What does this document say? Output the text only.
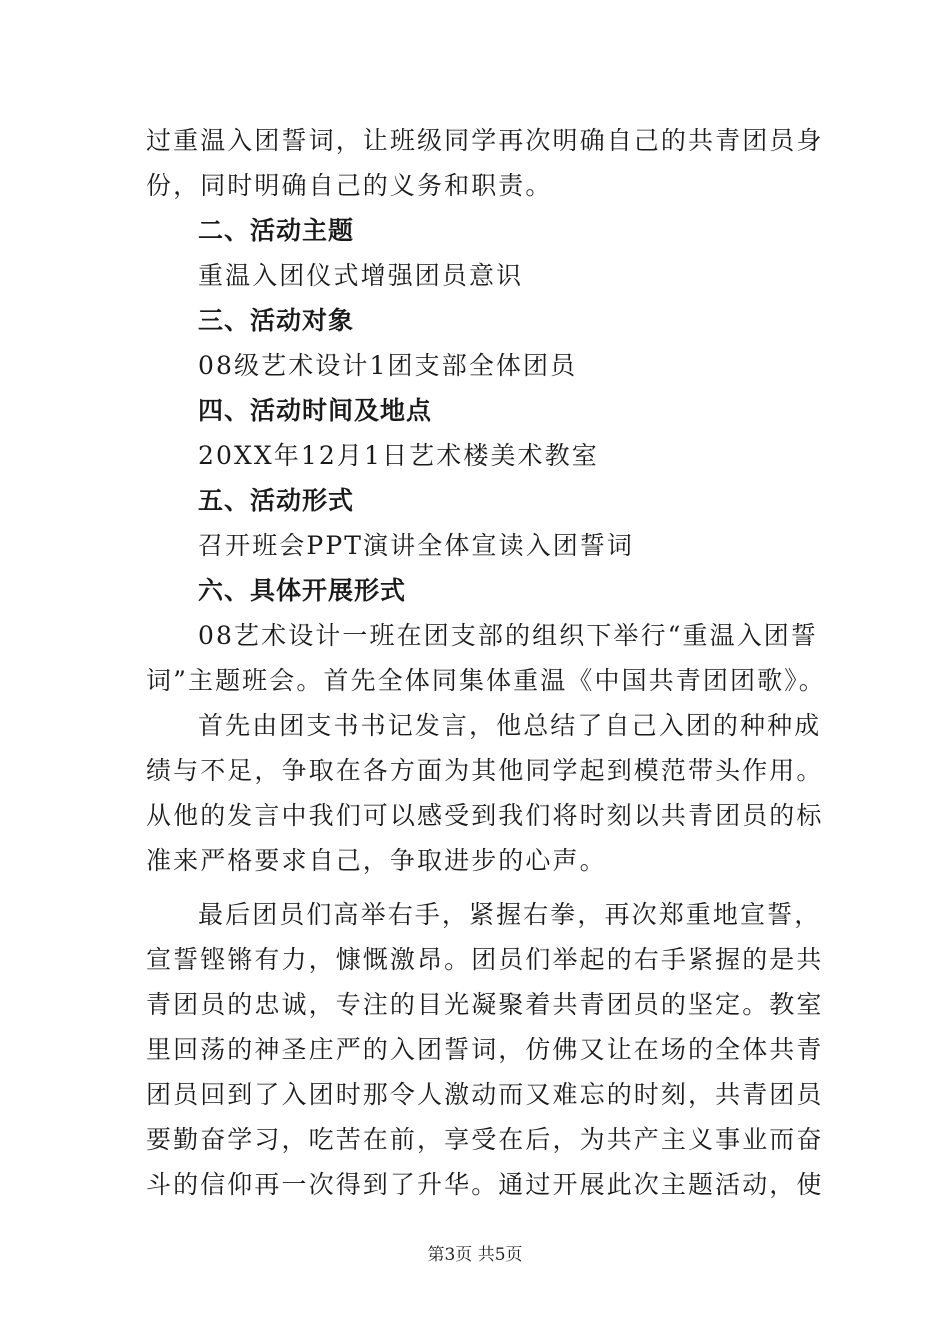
过重温入团誓词，让班级同学再次明确自己的共青团员身
份，同时明确自己的义务和职责。
二、活动主题
重温入团仪式增强团员意识
三、活动对象
08级艺术设计1团支部全体团员
四、活动时间及地点
20XX年12月1日艺术楼美术教室
五、活动形式
召开班会PPT演讲全体宣读入团誓词
六、具体开展形式
08艺术设计一班在团支部的组织下举行“重温入团誓
词”主题班会。首先全体同集体重温《中国共青团团歌》。
首先由团支书书记发言，他总结了自己入团的种种成
绩与不足，争取在各方面为其他同学起到模范带头作用。
从他的发言中我们可以感受到我们将时刻以共青团员的标
准来严格要求自己，争取进步的心声。
最后团员们高举右手，紧握右拳，再次郑重地宣誓，
宣誓铿锵有力，慷慨激昂。团员们举起的右手紧握的是共
青团员的忠诚，专注的目光凝聚着共青团员的坚定。教室
里回荡的神圣庄严的入团誓词，仿佛又让在场的全体共青
团员回到了入团时那令人激动而又难忘的时刻，共青团员
要勤奋学习，吃苦在前，享受在后，为共产主义事业而奋
斗的信仰再一次得到了升华。通过开展此次主题活动，使
第3页 共5页
